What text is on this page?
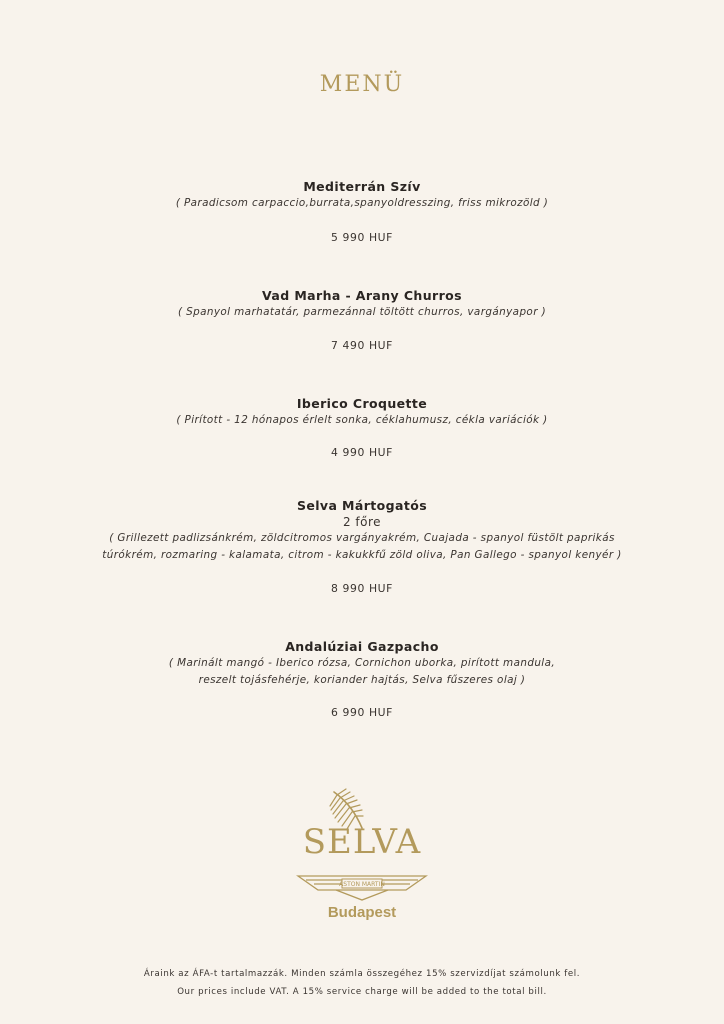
MENÜ
Mediterrán Szív
( Paradicsom carpaccio,burrata,spanyoldresszing, friss mikrozöld )
5 990 HUF
Vad Marha - Arany Churros
( Spanyol marhatatár, parmezánnal töltött churros, vargányapor )
7 490 HUF
Iberico Croquette
( Pirított - 12 hónapos érlelt sonka, céklahumusz, cékla variációk )
4 990 HUF
Selva Mártogatós
2 főre
( Grillezett padlizsánkrém, zöldcitromos vargányakrém, Cuajada - spanyol füstölt paprikás
túrókrém, rozmaring - kalamata, citrom - kakukkfű zöld oliva, Pan Gallego - spanyol kenyér )
8 990 HUF
Andalúziai Gazpacho
( Marinált mangó - Iberico rózsa, Cornichon uborka, pirított mandula,
reszelt tojásfehérje, koriander hajtás, Selva fűszeres olaj )
6 990 HUF
SELVA
ASTON MARTIN
Budapest
Áraink az ÁFA-t tartalmazzák. Minden számla összegéhez 15% szervizdíjat számolunk fel.
Our prices include VAT. A 15% service charge will be added to the total bill.
